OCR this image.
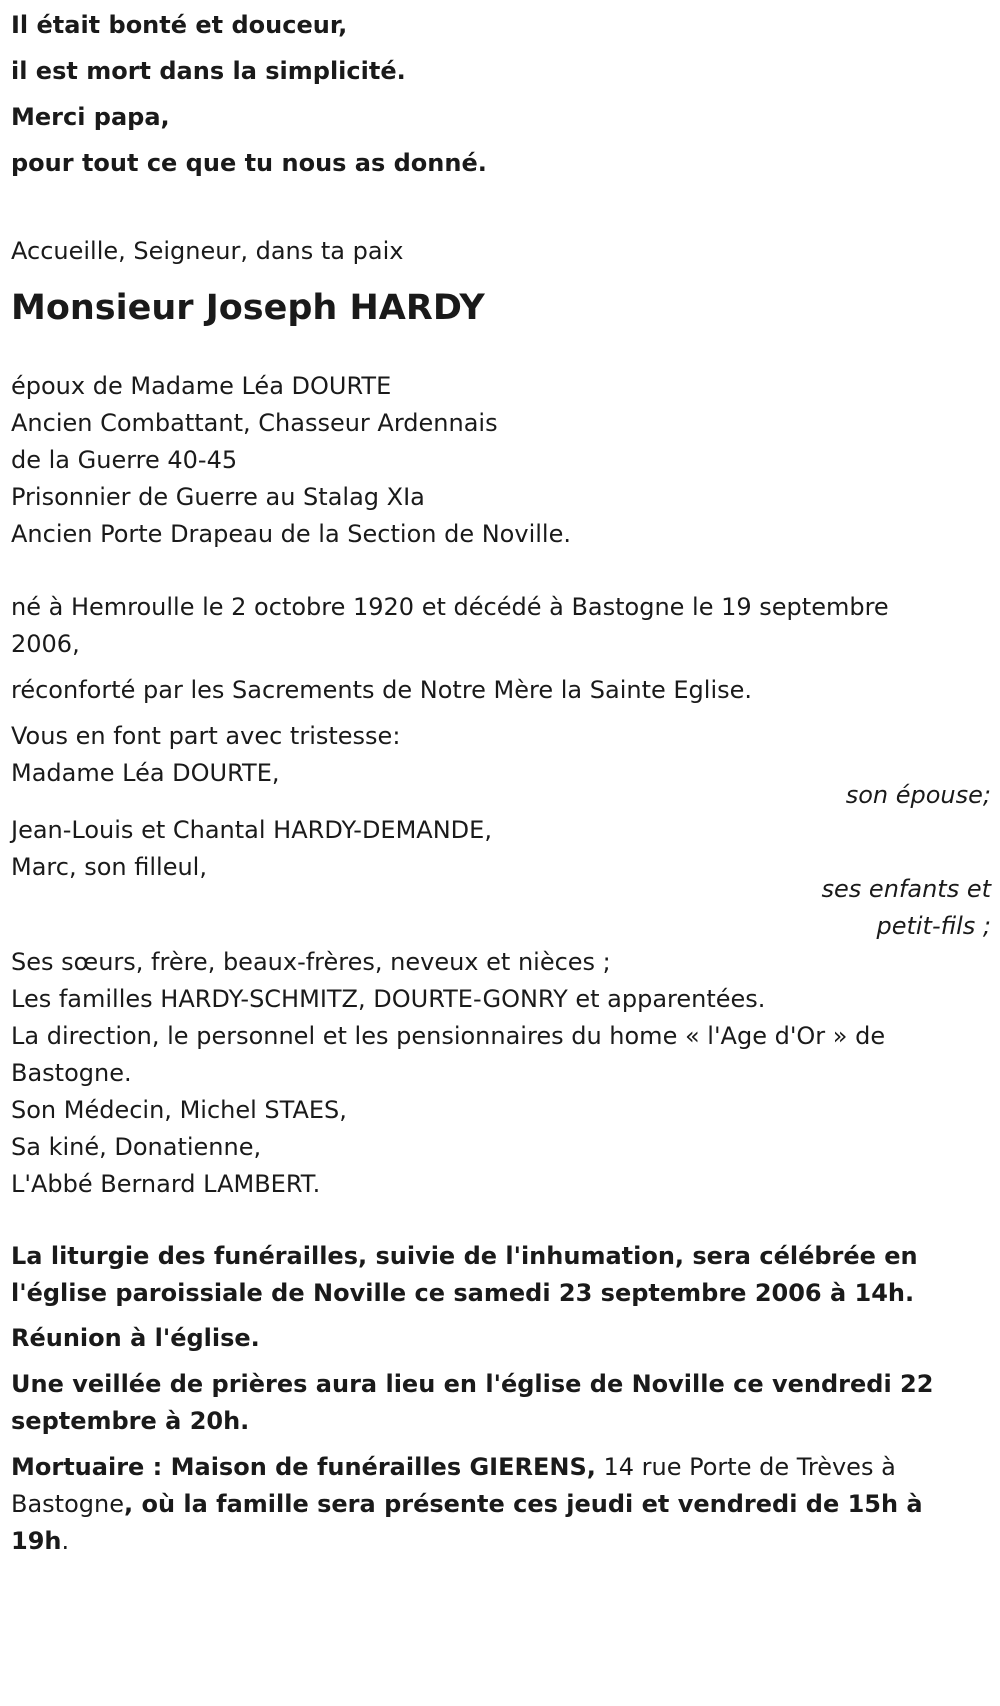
Il était bonté et douceur,
il est mort dans la simplicité.
Merci papa,
pour tout ce que tu nous as donné.
Accueille, Seigneur, dans ta paix
Monsieur Joseph HARDY
époux de Madame Léa DOURTE
Ancien Combattant, Chasseur Ardennais
de la Guerre 40-45
Prisonnier de Guerre au Stalag XIa
Ancien Porte Drapeau de la Section de Noville.
né à Hemroulle le 2 octobre 1920 et décédé à Bastogne le 19 septembre
2006,
réconforté par les Sacrements de Notre Mère la Sainte Eglise.
Vous en font part avec tristesse:
Madame Léa DOURTE,
son épouse;
Jean-Louis et Chantal HARDY-DEMANDE,
Marc, son filleul,
ses enfants et
petit-fils ;
Ses sœurs, frère, beaux-frères, neveux et nièces ;
Les familles HARDY-SCHMITZ, DOURTE-GONRY et apparentées.
La direction, le personnel et les pensionnaires du home « l'Age d'Or » de
Bastogne.
Son Médecin, Michel STAES,
Sa kiné, Donatienne,
L'Abbé Bernard LAMBERT.
La liturgie des funérailles, suivie de l'inhumation, sera célébrée en
l'église paroissiale de Noville ce samedi 23 septembre 2006 à 14h.
Réunion à l'église.
Une veillée de prières aura lieu en l'église de Noville ce vendredi 22
septembre à 20h.
Mortuaire : Maison de funérailles GIERENS, 14 rue Porte de Trèves à
Bastogne, où la famille sera présente ces jeudi et vendredi de 15h à
19h.
